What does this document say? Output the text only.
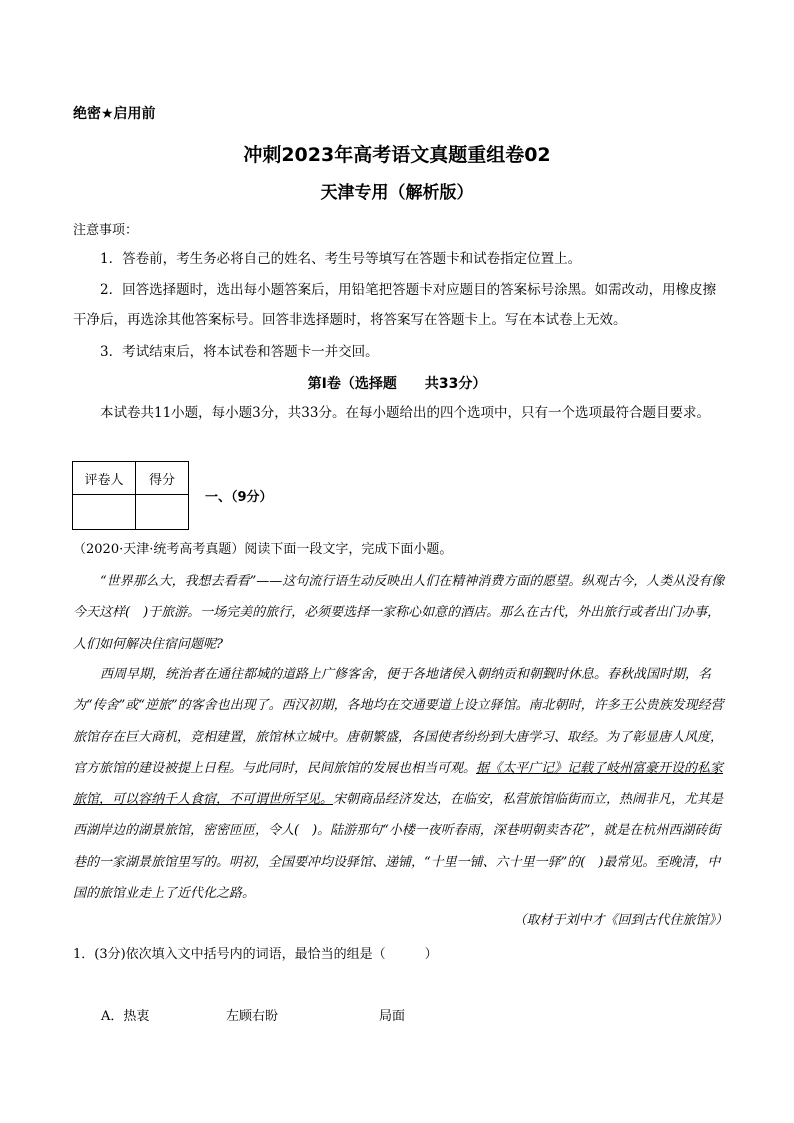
绝密★启用前
冲刺2023年高考语文真题重组卷02
天津专用（解析版）
注意事项：
1．答卷前，考生务必将自己的姓名、考生号等填写在答题卡和试卷指定位置上。
2．回答选择题时，选出每小题答案后，用铅笔把答题卡对应题目的答案标号涂黑。如需改动，用橡皮擦干净后，再选涂其他答案标号。回答非选择题时，将答案写在答题卡上。写在本试卷上无效。
3．考试结束后，将本试卷和答题卡一并交回。
第Ⅰ卷（选择题　　共33分）
本试卷共11小题，每小题3分，共33分。在每小题给出的四个选项中，只有一个选项最符合题目要求。
评卷人	得分

一、（9分）
（2020·天津·统考高考真题）阅读下面一段文字，完成下面小题。
“世界那么大，我想去看看”——这句流行语生动反映出人们在精神消费方面的愿望。纵观古今，人类从没有像今天这样(　)于旅游。一场完美的旅行，必须要选择一家称心如意的酒店。那么在古代，外出旅行或者出门办事，人们如何解决住宿问题呢?
西周早期，统治者在通往都城的道路上广修客舍，便于各地诸侯入朝纳贡和朝觐时休息。春秋战国时期，名为“传舍”或“逆旅”的客舍也出现了。西汉初期，各地均在交通要道上设立驿馆。南北朝时，许多王公贵族发现经营旅馆存在巨大商机，竞相建置，旅馆林立城中。唐朝繁盛，各国使者纷纷到大唐学习、取经。为了彰显唐人风度，官方旅馆的建设被提上日程。与此同时，民间旅馆的发展也相当可观。据《太平广记》记载了岐州富豪开设的私家旅馆，可以容纳千人食宿，不可谓世所罕见。宋朝商品经济发达，在临安，私营旅馆临街而立，热闹非凡，尤其是西湖岸边的湖景旅馆，密密匝匝，令人(　)。陆游那句“小楼一夜听春雨，深巷明朝卖杏花”，就是在杭州西湖砖街巷的一家湖景旅馆里写的。明初，全国要冲均设驿馆、递铺，“十里一铺、六十里一驿”的(　)最常见。至晚清，中国的旅馆业走上了近代化之路。
（取材于刘中才《回到古代住旅馆》）
1．(3分)依次填入文中括号内的词语，最恰当的组是（　　　）
A．热衷	左顾右盼	局面
